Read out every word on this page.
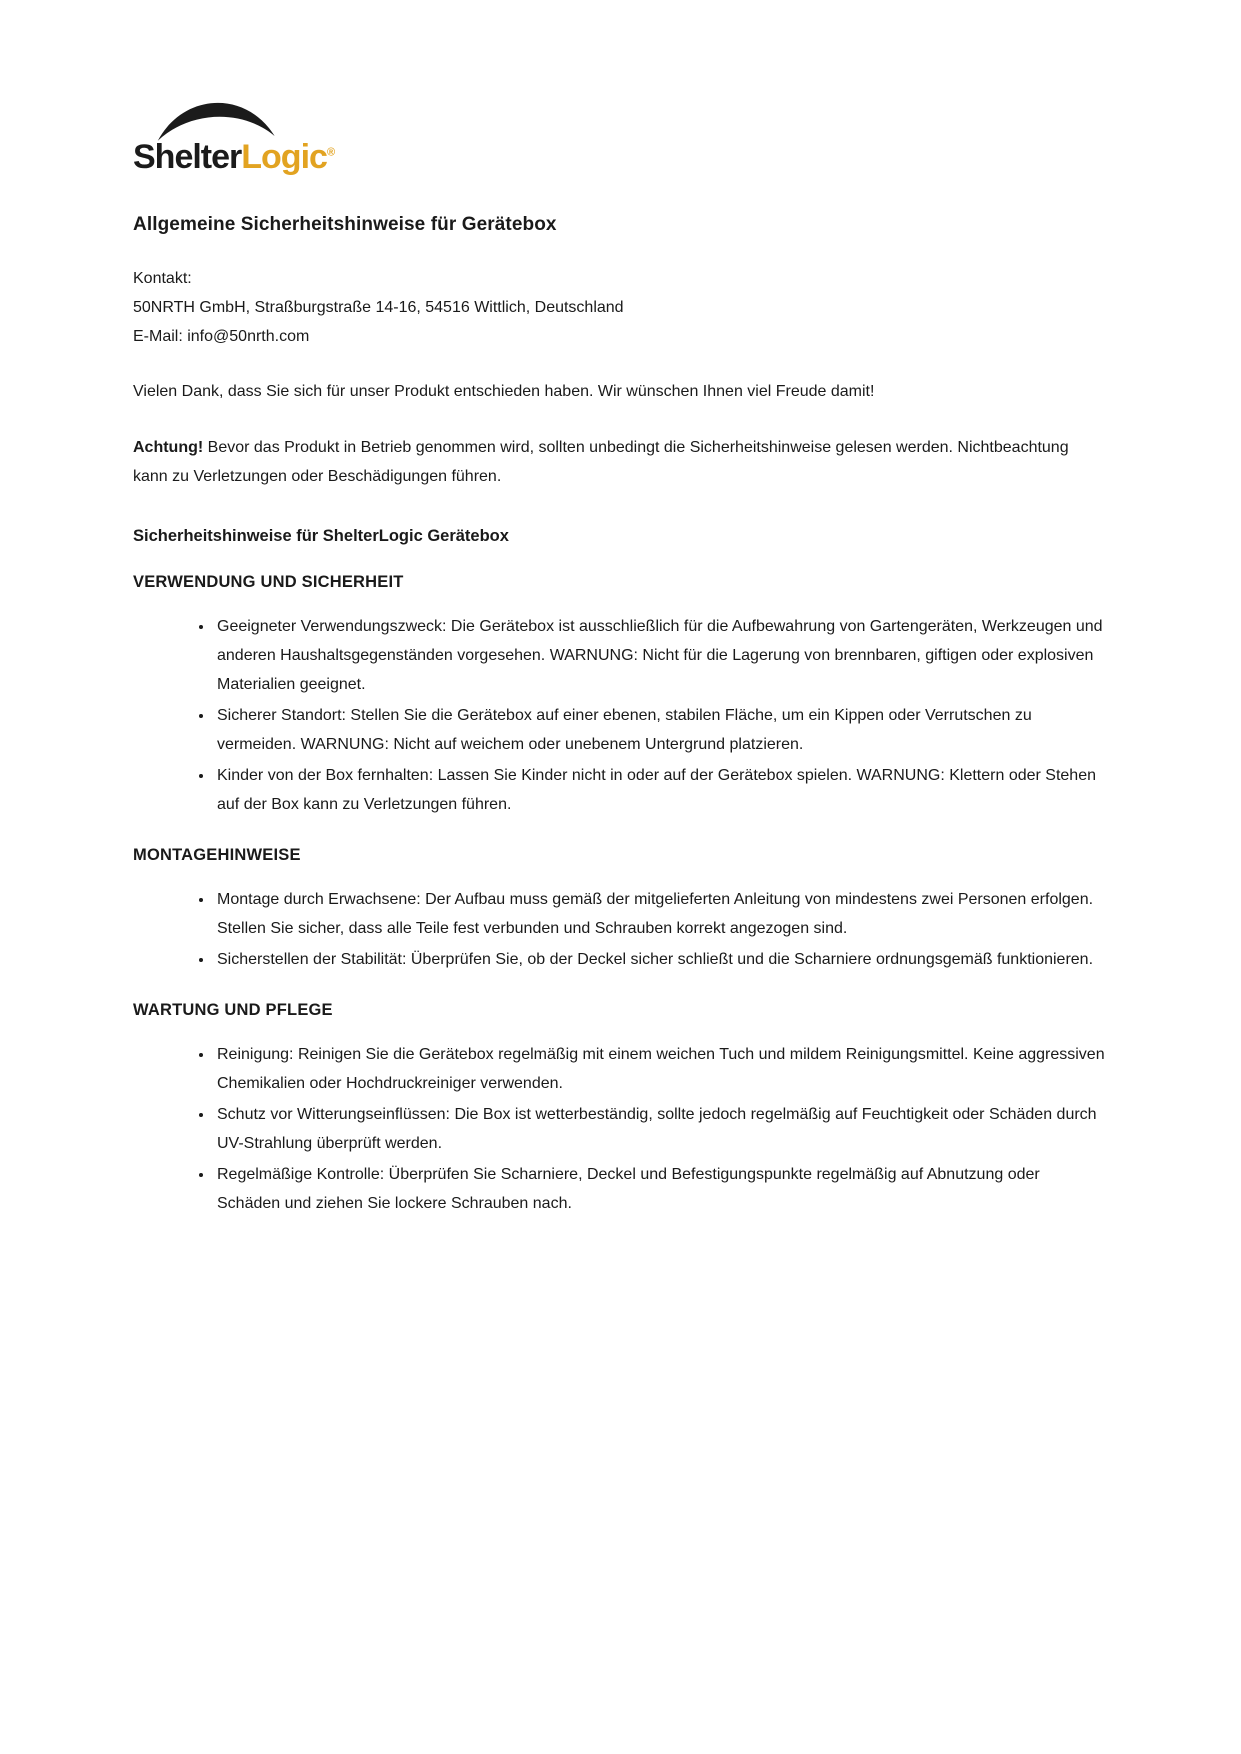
ShelterLogic®
Allgemeine Sicherheitshinweise für Gerätebox
Kontakt:
50NRTH GmbH, Straßburgstraße 14-16, 54516 Wittlich, Deutschland
E-Mail: info@50nrth.com

Vielen Dank, dass Sie sich für unser Produkt entschieden haben. Wir wünschen Ihnen viel Freude damit!

Achtung! Bevor das Produkt in Betrieb genommen wird, sollten unbedingt die Sicherheitshinweise gelesen werden. Nichtbeachtung kann zu Verletzungen oder Beschädigungen führen.

Sicherheitshinweise für ShelterLogic Gerätebox
VERWENDUNG UND SICHERHEIT
• Geeigneter Verwendungszweck: Die Gerätebox ist ausschließlich für die Aufbewahrung von Gartengeräten, Werkzeugen und anderen Haushaltsgegenständen vorgesehen. WARNUNG: Nicht für die Lagerung von brennbaren, giftigen oder explosiven Materialien geeignet.
• Sicherer Standort: Stellen Sie die Gerätebox auf einer ebenen, stabilen Fläche, um ein Kippen oder Verrutschen zu vermeiden. WARNUNG: Nicht auf weichem oder unebenem Untergrund platzieren.
• Kinder von der Box fernhalten: Lassen Sie Kinder nicht in oder auf der Gerätebox spielen. WARNUNG: Klettern oder Stehen auf der Box kann zu Verletzungen führen.
MONTAGEHINWEISE
• Montage durch Erwachsene: Der Aufbau muss gemäß der mitgelieferten Anleitung von mindestens zwei Personen erfolgen. Stellen Sie sicher, dass alle Teile fest verbunden und Schrauben korrekt angezogen sind.
• Sicherstellen der Stabilität: Überprüfen Sie, ob der Deckel sicher schließt und die Scharniere ordnungsgemäß funktionieren.
WARTUNG UND PFLEGE
• Reinigung: Reinigen Sie die Gerätebox regelmäßig mit einem weichen Tuch und mildem Reinigungsmittel. Keine aggressiven Chemikalien oder Hochdruckreiniger verwenden.
• Schutz vor Witterungseinflüssen: Die Box ist wetterbeständig, sollte jedoch regelmäßig auf Feuchtigkeit oder Schäden durch UV-Strahlung überprüft werden.
• Regelmäßige Kontrolle: Überprüfen Sie Scharniere, Deckel und Befestigungspunkte regelmäßig auf Abnutzung oder Schäden und ziehen Sie lockere Schrauben nach.
